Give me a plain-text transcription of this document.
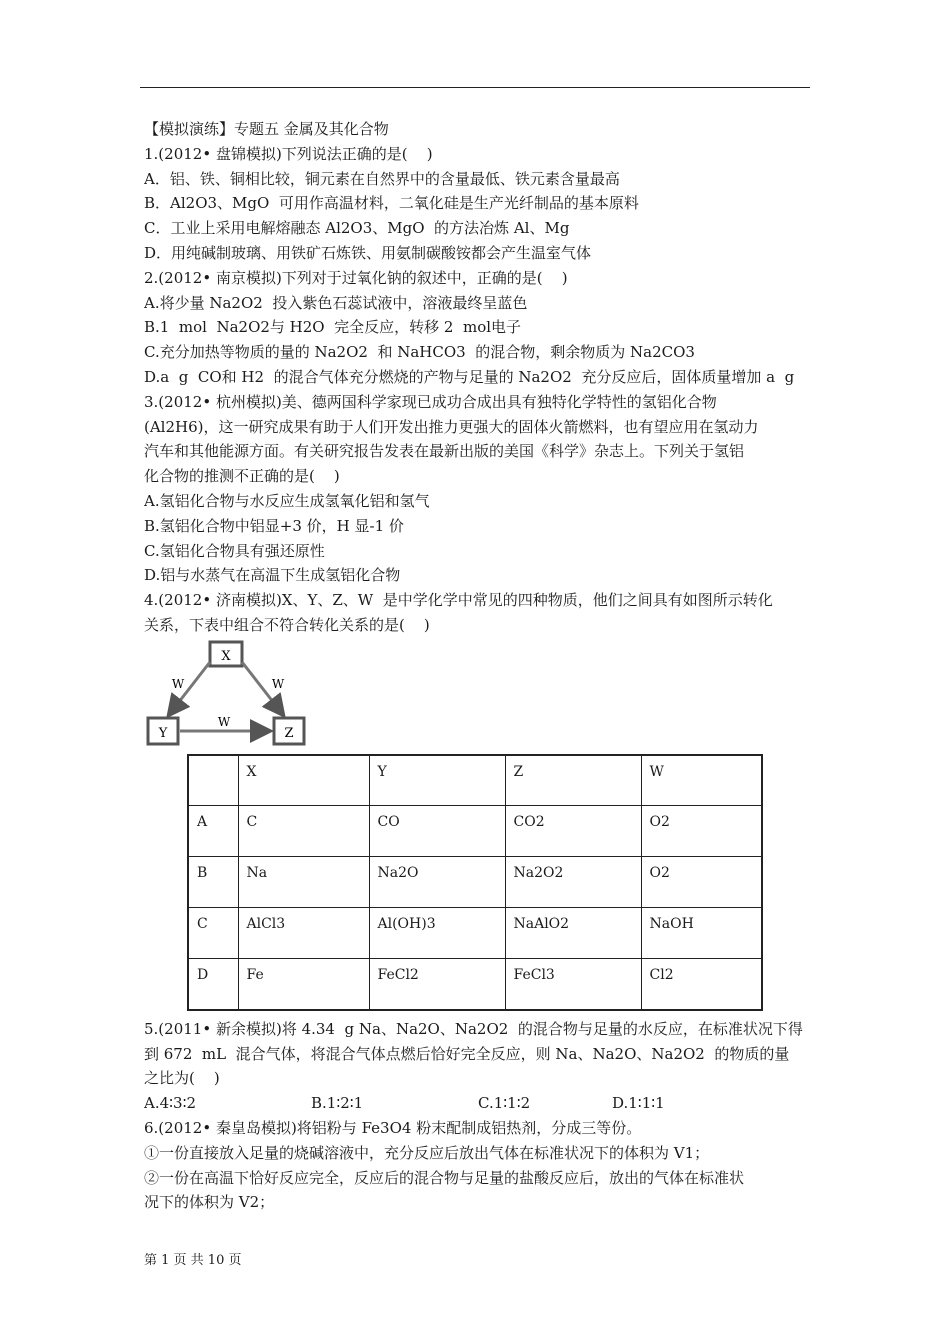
【模拟演练】专题五 金属及其化合物
1.(2012• 盘锦模拟)下列说法正确的是(    )
A．铝、铁、铜相比较，铜元素在自然界中的含量最低、铁元素含量最高
B．Al2O3、MgO  可用作高温材料，二氧化硅是生产光纤制品的基本原料
C．工业上采用电解熔融态 Al2O3、MgO  的方法冶炼 Al、Mg
D．用纯碱制玻璃、用铁矿石炼铁、用氨制碳酸铵都会产生温室气体
2.(2012• 南京模拟)下列对于过氧化钠的叙述中，正确的是(    )
A.将少量 Na2O2  投入紫色石蕊试液中，溶液最终呈蓝色
B.1  mol  Na2O2与 H2O  完全反应，转移 2  mol电子
C.充分加热等物质的量的 Na2O2  和 NaHCO3  的混合物，剩余物质为 Na2CO3
D.a  g  CO和 H2  的混合气体充分燃烧的产物与足量的 Na2O2  充分反应后，固体质量增加 a  g
3.(2012• 杭州模拟)美、德两国科学家现已成功合成出具有独特化学特性的氢铝化合物
(Al2H6)，这一研究成果有助于人们开发出推力更强大的固体火箭燃料，也有望应用在氢动力
汽车和其他能源方面。有关研究报告发表在最新出版的美国《科学》杂志上。下列关于氢铝
化合物的推测不正确的是(    )
A.氢铝化合物与水反应生成氢氧化铝和氢气
B.氢铝化合物中铝显+3 价，H 显-1 价
C.氢铝化合物具有强还原性
D.铝与水蒸气在高温下生成氢铝化合物
4.(2012• 济南模拟)X、Y、Z、W  是中学化学中常见的四种物质，他们之间具有如图所示转化
关系，下表中组合不符合转化关系的是(    )
X
Y	Z
W	W
W
	X	Y	Z	W
A	C	CO	CO2	O2
B	Na	Na2O	Na2O2	O2
C	AlCl3	Al(OH)3	NaAlO2	NaOH
D	Fe	FeCl2	FeCl3	Cl2
5.(2011• 新余模拟)将 4.34  g Na、Na2O、Na2O2  的混合物与足量的水反应，在标准状况下得
到 672  mL  混合气体，将混合气体点燃后恰好完全反应，则 Na、Na2O、Na2O2  的物质的量
之比为(    )
A.4∶3∶2	B.1∶2∶1	C.1∶1∶2	D.1∶1∶1
6.(2012• 秦皇岛模拟)将铝粉与 Fe3O4 粉末配制成铝热剂，分成三等份。
①一份直接放入足量的烧碱溶液中，充分反应后放出气体在标准状况下的体积为 V1；
②一份在高温下恰好反应完全，反应后的混合物与足量的盐酸反应后，放出的气体在标准状
况下的体积为 V2；
第 1 页 共 10 页
